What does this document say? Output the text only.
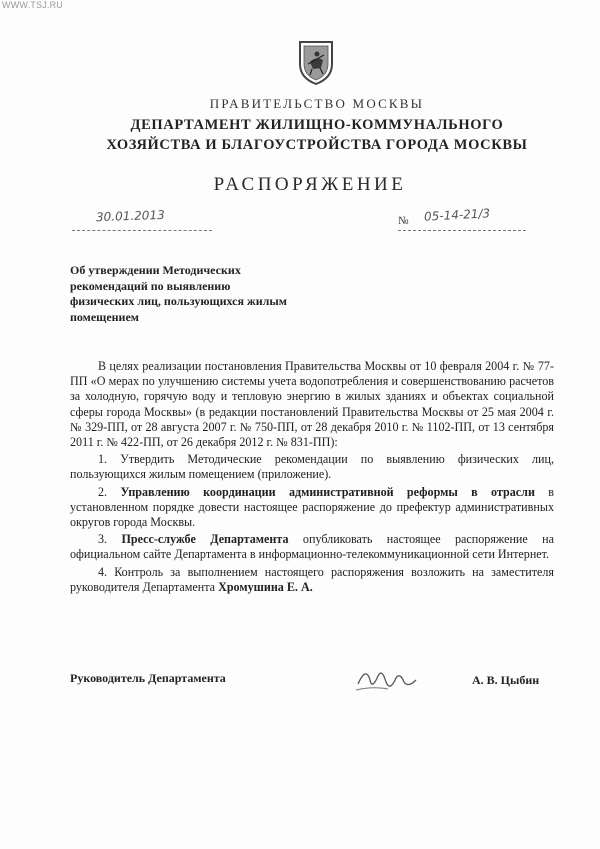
WWW.TSJ.RU
ПРАВИТЕЛЬСТВО МОСКВЫ
ДЕПАРТАМЕНТ ЖИЛИЩНО-КОММУНАЛЬНОГО
ХОЗЯЙСТВА И БЛАГОУСТРОЙСТВА ГОРОДА МОСКВЫ
РАСПОРЯЖЕНИЕ
30.01.2013	№ 05-14-21/3
Об утверждении Методических рекомендаций по выявлению физических лиц, пользующихся жилым помещением

В целях реализации постановления Правительства Москвы от 10 февраля 2004 г. № 77-ПП «О мерах по улучшению системы учета водопотребления и совершенствованию расчетов за холодную, горячую воду и тепловую энергию в жилых зданиях и объектах социальной сферы города Москвы» (в редакции постановлений Правительства Москвы от 25 мая 2004 г. № 329-ПП, от 28 августа 2007 г. № 750-ПП, от 28 декабря 2010 г. № 1102-ПП, от 13 сентября 2011 г. № 422-ПП, от 26 декабря 2012 г. № 831-ПП):

1. Утвердить Методические рекомендации по выявлению физических лиц, пользующихся жилым помещением (приложение).

2. Управлению координации административной реформы в отрасли в установленном порядке довести настоящее распоряжение до префектур административных округов города Москвы.

3. Пресс-службе Департамента опубликовать настоящее распоряжение на официальном сайте Департамента в информационно-телекоммуникационной сети Интернет.

4. Контроль за выполнением настоящего распоряжения возложить на заместителя руководителя Департамента Хромушина Е. А.

Руководитель Департамента	А. В. Цыбин
